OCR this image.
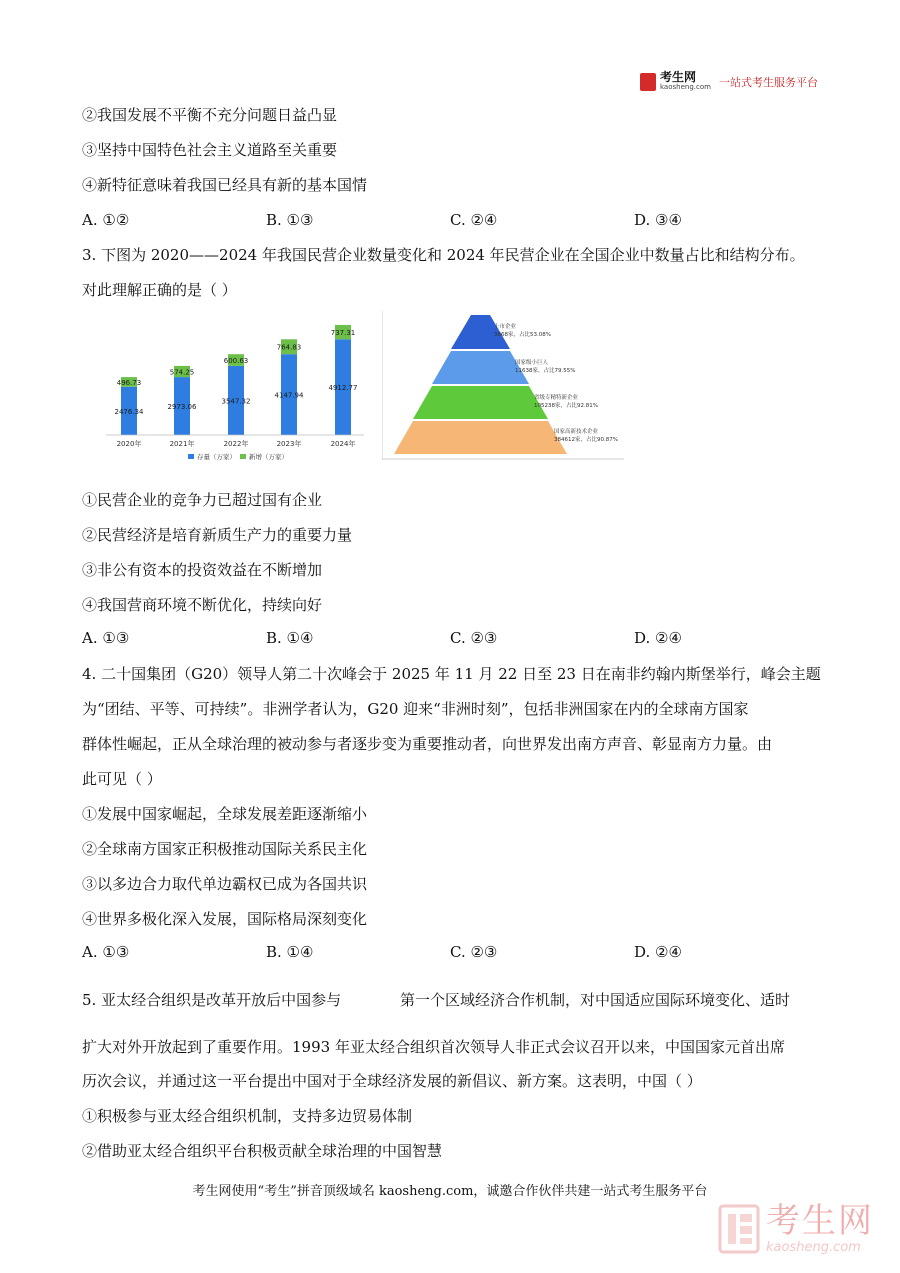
考生网
kaosheng.com 一站式考生服务平台
②我国发展不平衡不充分问题日益凸显
③坚持中国特色社会主义道路至关重要
④新特征意味着我国已经具有新的基本国情
A. ①②	B. ①③	C. ②④	D. ③④
3. 下图为 2020——2024 年我国民营企业数量变化和 2024 年民营企业在全国企业中数量占比和结构分布。
对此理解正确的是（ ）
2476.34
496.73
2973.06
574.25
3547.32
600.63
4147.94
764.83
4912.77
737.31
2020年	2021年	2022年	2023年	2024年
存量（万家） 新增（万家）
上市企业
3868家，占比53.08%
国家级小巨人
11638家，占比79.55%
省级专精特新企业
105238家，占比92.81%
国家高新技术企业
384612家，占比90.87%
①民营企业的竞争力已超过国有企业
②民营经济是培育新质生产力的重要力量
③非公有资本的投资效益在不断增加
④我国营商环境不断优化，持续向好
A. ①③	B. ①④	C. ②③	D. ②④
4. 二十国集团（G20）领导人第二十次峰会于 2025 年 11 月 22 日至 23 日在南非约翰内斯堡举行，峰会主题
为“团结、平等、可持续”。非洲学者认为，G20 迎来“非洲时刻”，包括非洲国家在内的全球南方国家
群体性崛起，正从全球治理的被动参与者逐步变为重要推动者，向世界发出南方声音、彰显南方力量。由
此可见（ ）
①发展中国家崛起，全球发展差距逐渐缩小
②全球南方国家正积极推动国际关系民主化
③以多边合力取代单边霸权已成为各国共识
④世界多极化深入发展，国际格局深刻变化
A. ①③	B. ①④	C. ②③	D. ②④
5. 亚太经合组织是改革开放后中国参与	第一个区域经济合作机制，对中国适应国际环境变化、适时
扩大对外开放起到了重要作用。1993 年亚太经合组织首次领导人非正式会议召开以来，中国国家元首出席
历次会议，并通过这一平台提出中国对于全球经济发展的新倡议、新方案。这表明，中国（ ）
①积极参与亚太经合组织机制，支持多边贸易体制
②借助亚太经合组织平台积极贡献全球治理的中国智慧
考生网使用“考生”拼音顶级域名 kaosheng.com，诚邀合作伙伴共建一站式考生服务平台
考生网
kaosheng.com
